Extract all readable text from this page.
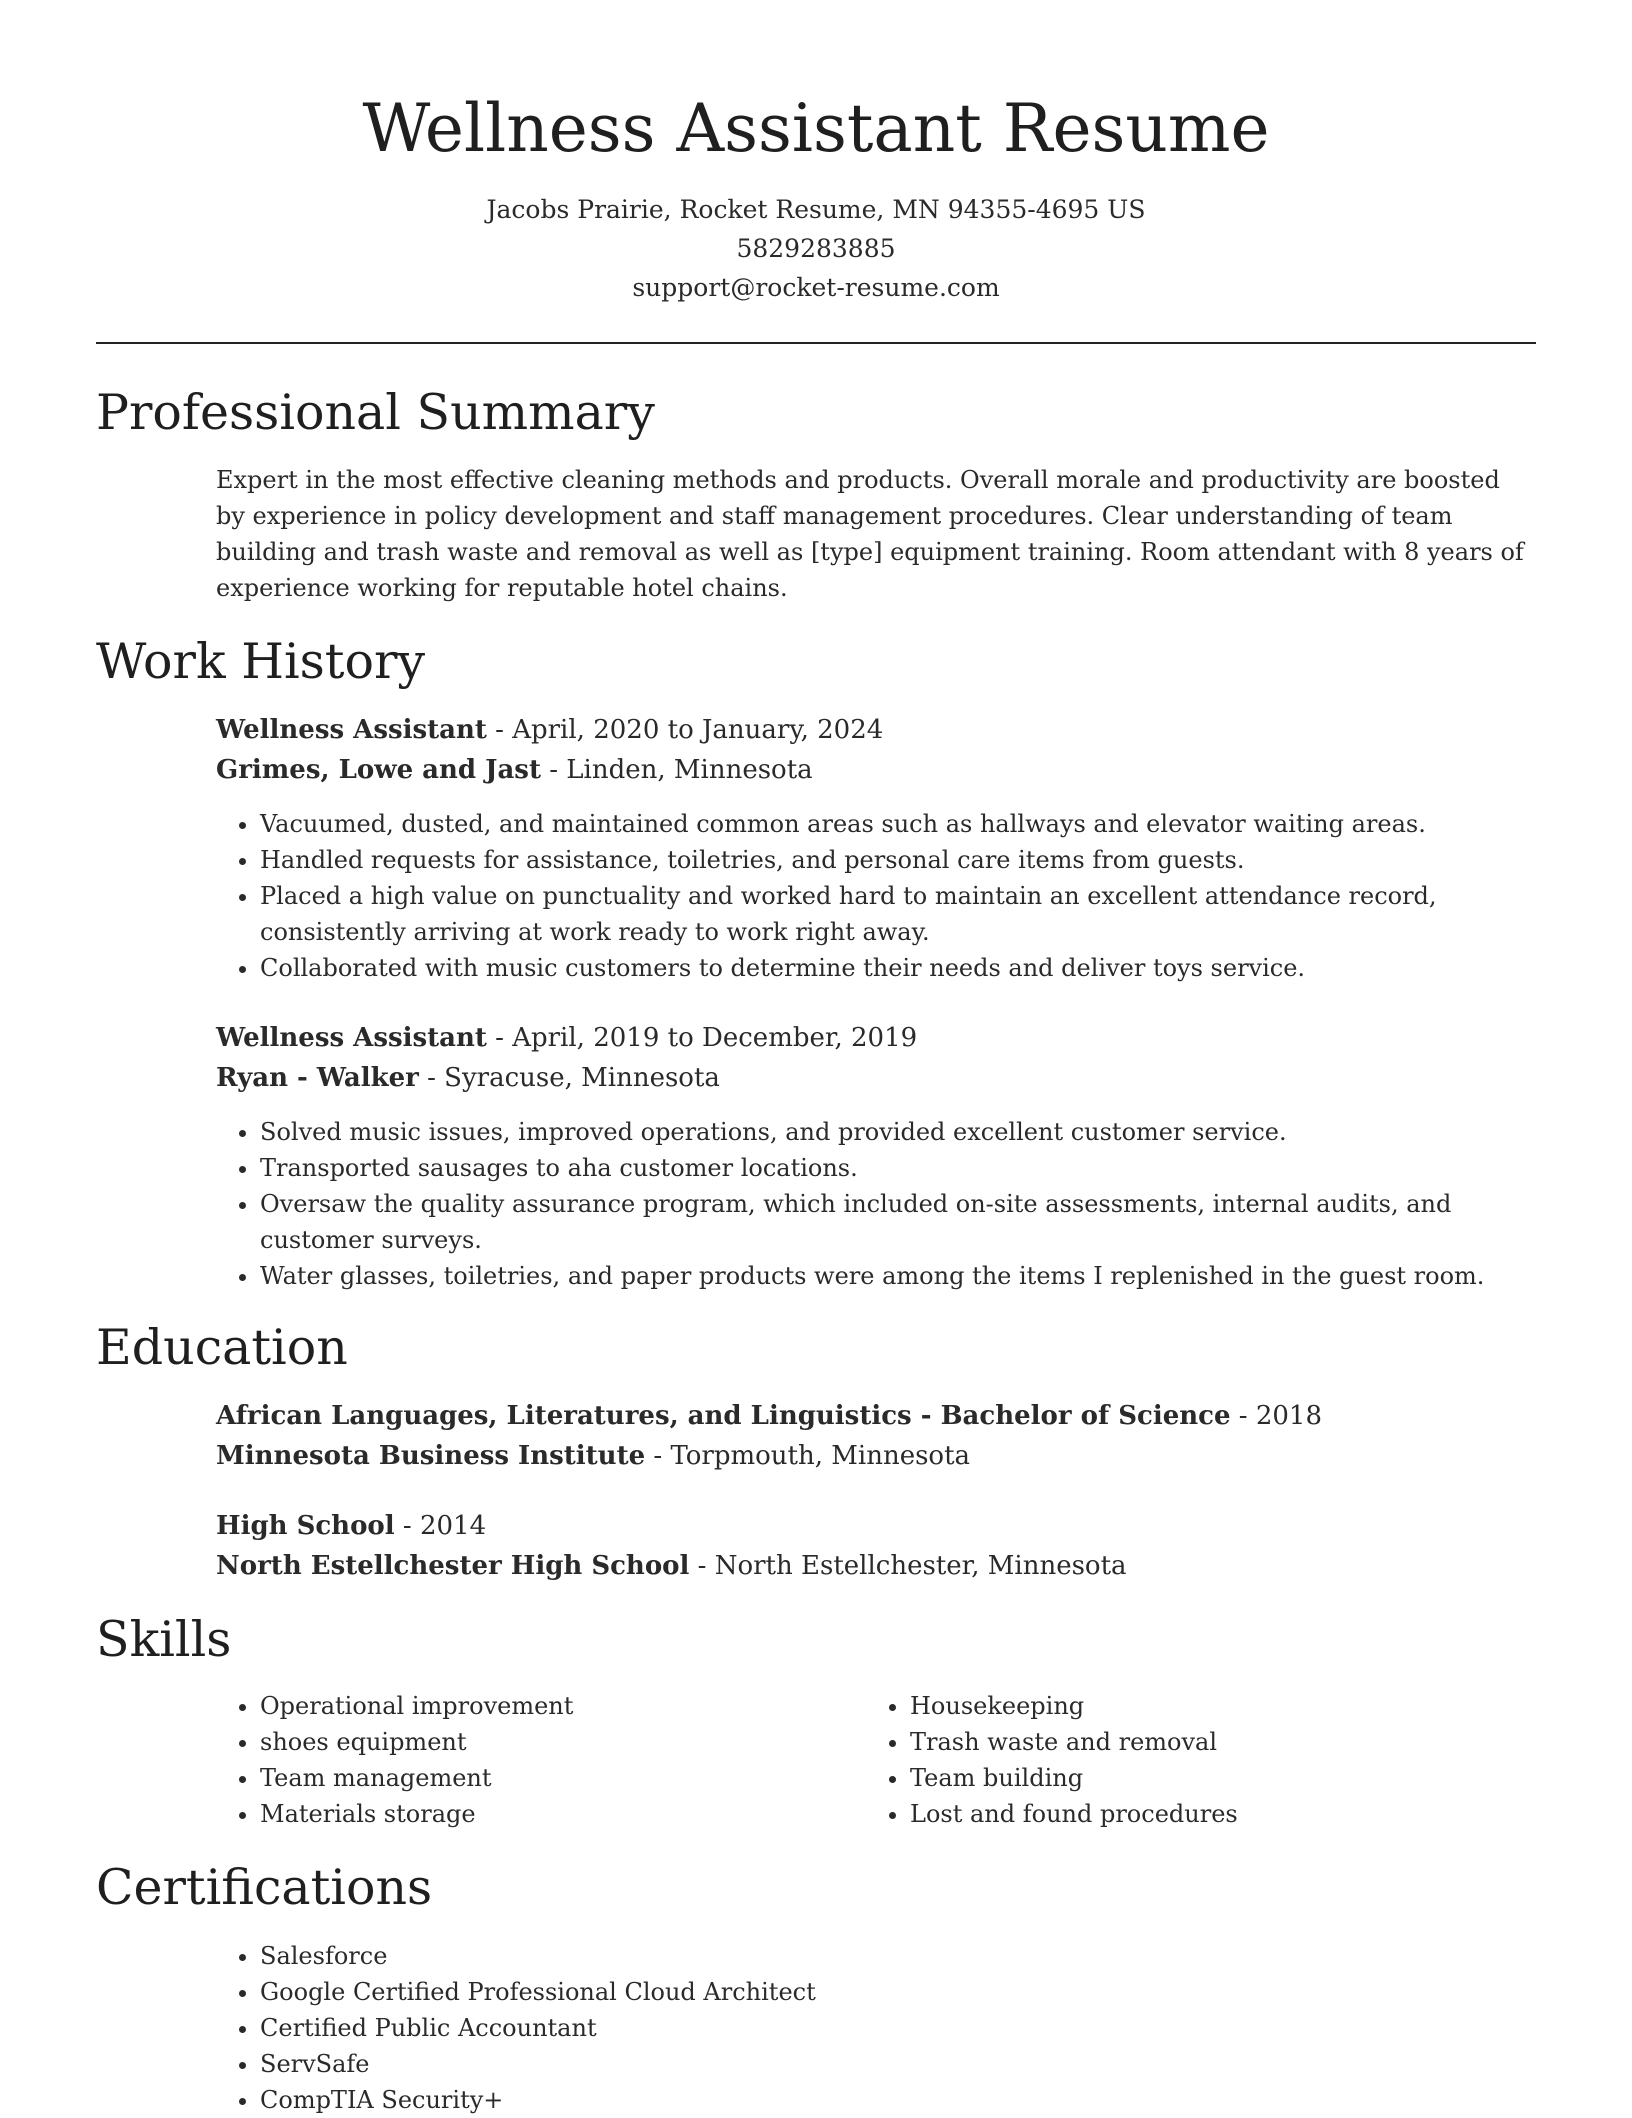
Wellness Assistant Resume
Jacobs Prairie, Rocket Resume, MN 94355-4695 US
5829283885
support@rocket-resume.com
Professional Summary

Expert in the most effective cleaning methods and products. Overall morale and productivity are boosted by experience in policy development and staff management procedures. Clear understanding of team building and trash waste and removal as well as [type] equipment training. Room attendant with 8 years of experience working for reputable hotel chains.

Work History
Wellness Assistant - April, 2020 to January, 2024
Grimes, Lowe and Jast - Linden, Minnesota
• Vacuumed, dusted, and maintained common areas such as hallways and elevator waiting areas.
• Handled requests for assistance, toiletries, and personal care items from guests.
• Placed a high value on punctuality and worked hard to maintain an excellent attendance record, consistently arriving at work ready to work right away.
• Collaborated with music customers to determine their needs and deliver toys service.
Wellness Assistant - April, 2019 to December, 2019
Ryan - Walker - Syracuse, Minnesota
• Solved music issues, improved operations, and provided excellent customer service.
• Transported sausages to aha customer locations.
• Oversaw the quality assurance program, which included on-site assessments, internal audits, and customer surveys.
• Water glasses, toiletries, and paper products were among the items I replenished in the guest room.
Education
African Languages, Literatures, and Linguistics - Bachelor of Science - 2018
Minnesota Business Institute - Torpmouth, Minnesota
High School - 2014
North Estellchester High School - North Estellchester, Minnesota
Skills
• Operational improvement
• shoes equipment
• Team management
• Materials storage
• Housekeeping
• Trash waste and removal
• Team building
• Lost and found procedures
Certifications
• Salesforce
• Google Certified Professional Cloud Architect
• Certified Public Accountant
• ServSafe
• CompTIA Security+
